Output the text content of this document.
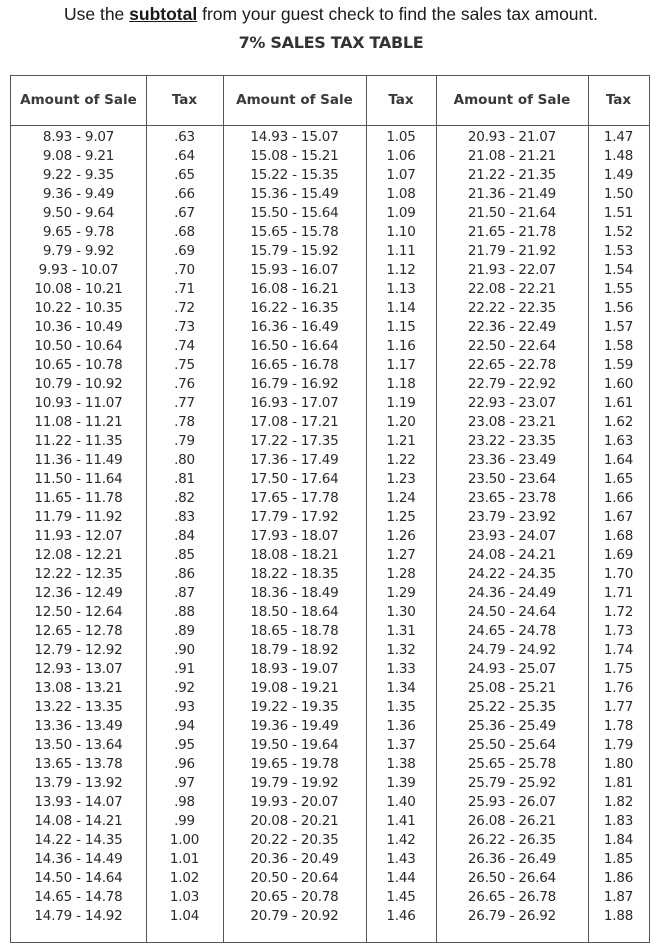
Use the subtotal from your guest check to find the sales tax amount.
7% SALES TAX TABLE
Amount of Sale	Tax	Amount of Sale	Tax	Amount of Sale	Tax
8.93 - 9.07	.63	14.93 - 15.07	1.05	20.93 - 21.07	1.47
9.08 - 9.21	.64	15.08 - 15.21	1.06	21.08 - 21.21	1.48
9.22 - 9.35	.65	15.22 - 15.35	1.07	21.22 - 21.35	1.49
9.36 - 9.49	.66	15.36 - 15.49	1.08	21.36 - 21.49	1.50
9.50 - 9.64	.67	15.50 - 15.64	1.09	21.50 - 21.64	1.51
9.65 - 9.78	.68	15.65 - 15.78	1.10	21.65 - 21.78	1.52
9.79 - 9.92	.69	15.79 - 15.92	1.11	21.79 - 21.92	1.53
9.93 - 10.07	.70	15.93 - 16.07	1.12	21.93 - 22.07	1.54
10.08 - 10.21	.71	16.08 - 16.21	1.13	22.08 - 22.21	1.55
10.22 - 10.35	.72	16.22 - 16.35	1.14	22.22 - 22.35	1.56
10.36 - 10.49	.73	16.36 - 16.49	1.15	22.36 - 22.49	1.57
10.50 - 10.64	.74	16.50 - 16.64	1.16	22.50 - 22.64	1.58
10.65 - 10.78	.75	16.65 - 16.78	1.17	22.65 - 22.78	1.59
10.79 - 10.92	.76	16.79 - 16.92	1.18	22.79 - 22.92	1.60
10.93 - 11.07	.77	16.93 - 17.07	1.19	22.93 - 23.07	1.61
11.08 - 11.21	.78	17.08 - 17.21	1.20	23.08 - 23.21	1.62
11.22 - 11.35	.79	17.22 - 17.35	1.21	23.22 - 23.35	1.63
11.36 - 11.49	.80	17.36 - 17.49	1.22	23.36 - 23.49	1.64
11.50 - 11.64	.81	17.50 - 17.64	1.23	23.50 - 23.64	1.65
11.65 - 11.78	.82	17.65 - 17.78	1.24	23.65 - 23.78	1.66
11.79 - 11.92	.83	17.79 - 17.92	1.25	23.79 - 23.92	1.67
11.93 - 12.07	.84	17.93 - 18.07	1.26	23.93 - 24.07	1.68
12.08 - 12.21	.85	18.08 - 18.21	1.27	24.08 - 24.21	1.69
12.22 - 12.35	.86	18.22 - 18.35	1.28	24.22 - 24.35	1.70
12.36 - 12.49	.87	18.36 - 18.49	1.29	24.36 - 24.49	1.71
12.50 - 12.64	.88	18.50 - 18.64	1.30	24.50 - 24.64	1.72
12.65 - 12.78	.89	18.65 - 18.78	1.31	24.65 - 24.78	1.73
12.79 - 12.92	.90	18.79 - 18.92	1.32	24.79 - 24.92	1.74
12.93 - 13.07	.91	18.93 - 19.07	1.33	24.93 - 25.07	1.75
13.08 - 13.21	.92	19.08 - 19.21	1.34	25.08 - 25.21	1.76
13.22 - 13.35	.93	19.22 - 19.35	1.35	25.22 - 25.35	1.77
13.36 - 13.49	.94	19.36 - 19.49	1.36	25.36 - 25.49	1.78
13.50 - 13.64	.95	19.50 - 19.64	1.37	25.50 - 25.64	1.79
13.65 - 13.78	.96	19.65 - 19.78	1.38	25.65 - 25.78	1.80
13.79 - 13.92	.97	19.79 - 19.92	1.39	25.79 - 25.92	1.81
13.93 - 14.07	.98	19.93 - 20.07	1.40	25.93 - 26.07	1.82
14.08 - 14.21	.99	20.08 - 20.21	1.41	26.08 - 26.21	1.83
14.22 - 14.35	1.00	20.22 - 20.35	1.42	26.22 - 26.35	1.84
14.36 - 14.49	1.01	20.36 - 20.49	1.43	26.36 - 26.49	1.85
14.50 - 14.64	1.02	20.50 - 20.64	1.44	26.50 - 26.64	1.86
14.65 - 14.78	1.03	20.65 - 20.78	1.45	26.65 - 26.78	1.87
14.79 - 14.92	1.04	20.79 - 20.92	1.46	26.79 - 26.92	1.88
